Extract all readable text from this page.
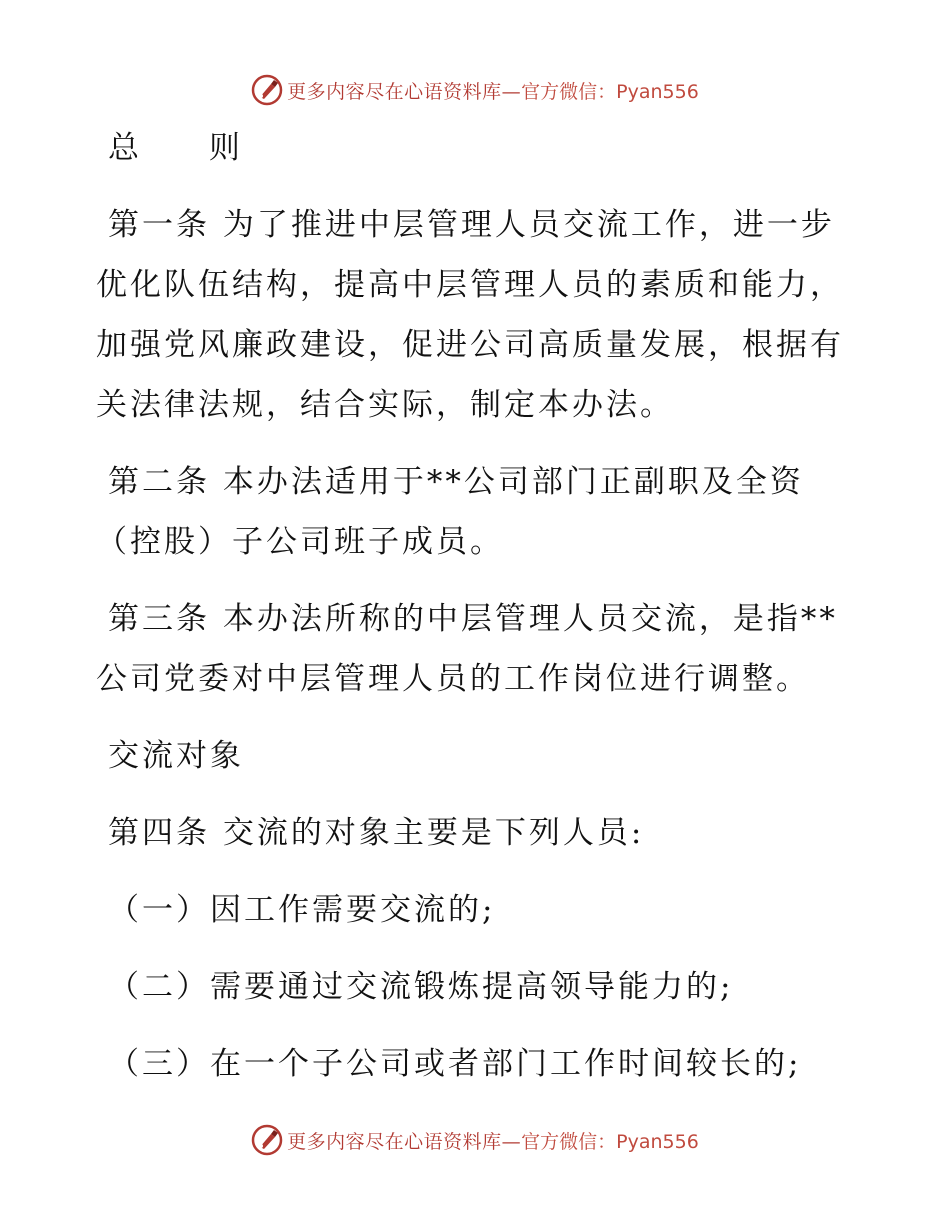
更多内容尽在心语资料库— 官方微信：Pyan556
总 则
第一条 为了推进中层管理人员交流工作，进一步
优化队伍结构，提高中层管理人员的素质和能力，
加强党风廉政建设，促进公司高质量发展，根据有
关法律法规，结合实际，制定本办法。
第二条 本办法适用于**公司部门正副职及全资
（控股）子公司班子成员。
第三条 本办法所称的中层管理人员交流，是指**
公司党委对中层管理人员的工作岗位进行调整。
交流对象
第四条 交流的对象主要是下列人员:
（一）因工作需要交流的;
（二）需要通过交流锻炼提高领导能力的;
（三）在一个子公司或者部门工作时间较长的;
更多内容尽在心语资料库— 官方微信：Pyan556
